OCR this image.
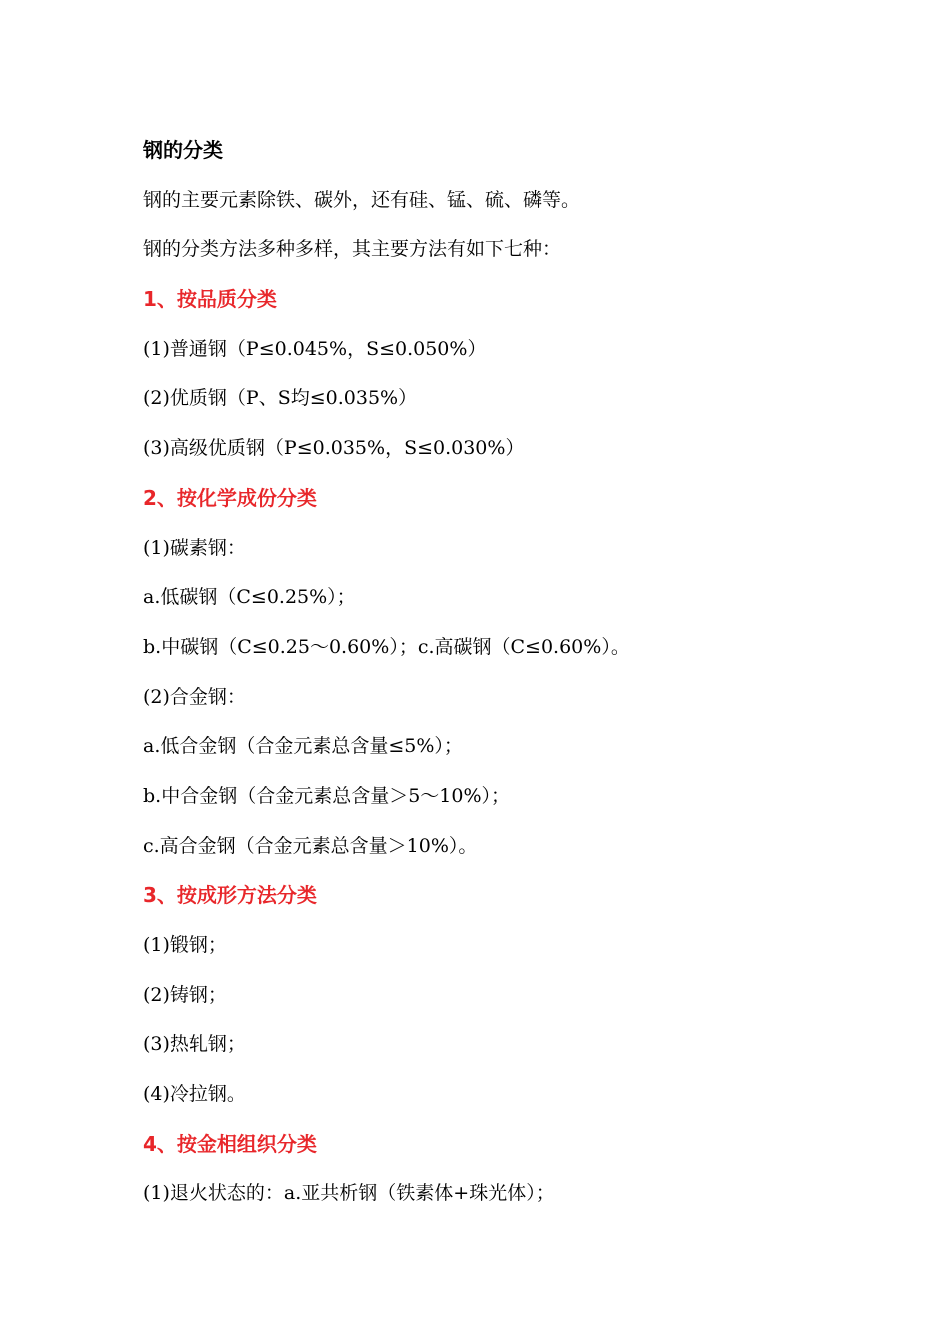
钢的分类
钢的主要元素除铁、碳外，还有硅、锰、硫、磷等。
钢的分类方法多种多样，其主要方法有如下七种：
1、按品质分类
(1)普通钢（P≤0.045%，S≤0.050%）
(2)优质钢（P、S均≤0.035%）
(3)高级优质钢（P≤0.035%，S≤0.030%）
2、按化学成份分类
(1)碳素钢：
a.低碳钢（C≤0.25%）；
b.中碳钢（C≤0.25～0.60%）；c.高碳钢（C≤0.60%）。
(2)合金钢：
a.低合金钢（合金元素总含量≤5%）；
b.中合金钢（合金元素总含量＞5～10%）；
c.高合金钢（合金元素总含量＞10%）。
3、按成形方法分类
(1)锻钢；
(2)铸钢；
(3)热轧钢；
(4)冷拉钢。
4、按金相组织分类
(1)退火状态的：a.亚共析钢（铁素体+珠光体）；
